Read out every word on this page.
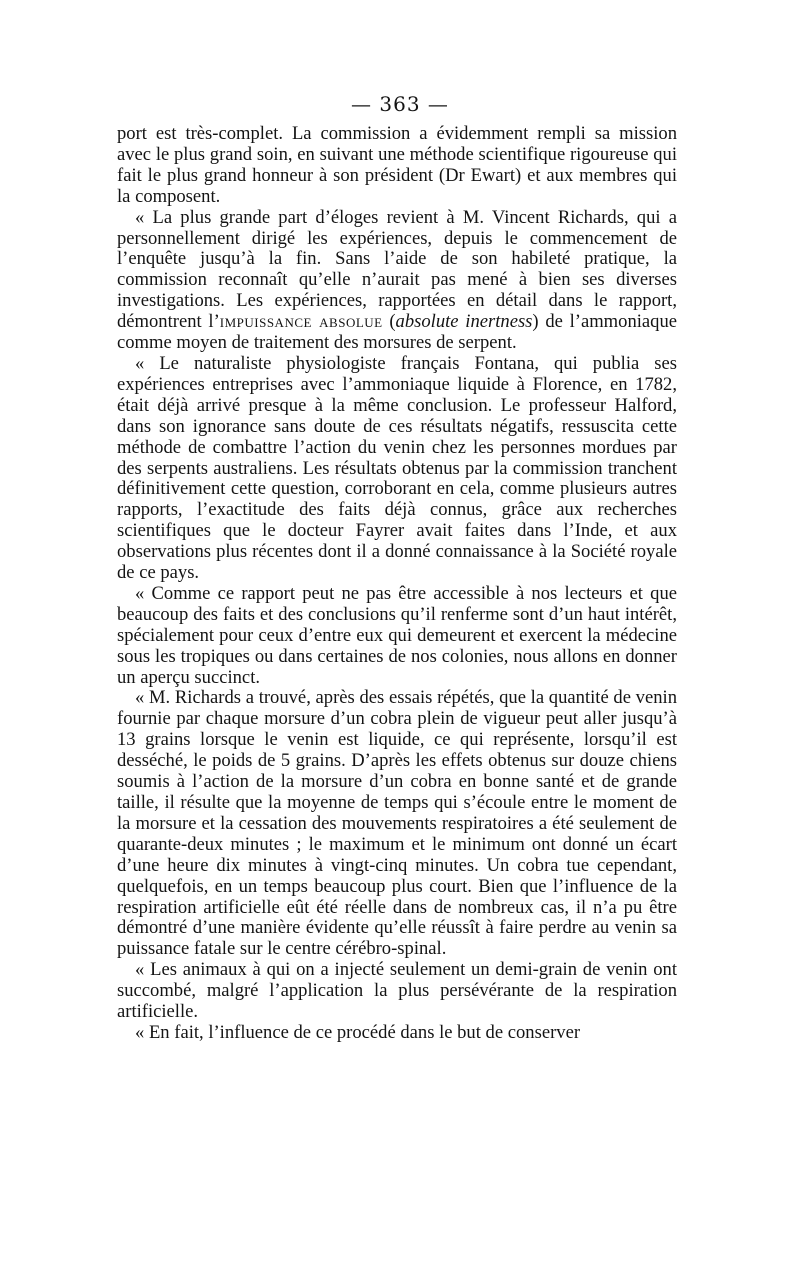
— 363 —

port est très-complet. La commission a évidemment rempli sa mission avec le plus grand soin, en suivant une méthode scientifique rigoureuse qui fait le plus grand honneur à son président (Dr Ewart) et aux membres qui la composent.

« La plus grande part d’éloges revient à M. Vincent Richards, qui a personnellement dirigé les expériences, depuis le commencement de l’enquête jusqu’à la fin. Sans l’aide de son habileté pratique, la commission reconnaît qu’elle n’aurait pas mené à bien ses diverses investigations. Les expériences, rapportées en détail dans le rapport, démontrent l’impuissance absolue (absolute inertness) de l’ammoniaque comme moyen de traitement des morsures de serpent.

« Le naturaliste physiologiste français Fontana, qui publia ses expériences entreprises avec l’ammoniaque liquide à Florence, en 1782, était déjà arrivé presque à la même conclusion. Le professeur Halford, dans son ignorance sans doute de ces résultats négatifs, ressuscita cette méthode de combattre l’action du venin chez les personnes mordues par des serpents australiens. Les résultats obtenus par la commission tranchent définitivement cette question, corroborant en cela, comme plusieurs autres rapports, l’exactitude des faits déjà connus, grâce aux recherches scientifiques que le docteur Fayrer avait faites dans l’Inde, et aux observations plus récentes dont il a donné connaissance à la Société royale de ce pays.

« Comme ce rapport peut ne pas être accessible à nos lecteurs et que beaucoup des faits et des conclusions qu’il renferme sont d’un haut intérêt, spécialement pour ceux d’entre eux qui demeurent et exercent la médecine sous les tropiques ou dans certaines de nos colonies, nous allons en donner un aperçu succinct.

« M. Richards a trouvé, après des essais répétés, que la quantité de venin fournie par chaque morsure d’un cobra plein de vigueur peut aller jusqu’à 13 grains lorsque le venin est liquide, ce qui représente, lorsqu’il est desséché, le poids de 5 grains. D’après les effets obtenus sur douze chiens soumis à l’action de la morsure d’un cobra en bonne santé et de grande taille, il résulte que la moyenne de temps qui s’écoule entre le moment de la morsure et la cessation des mouvements respiratoires a été seulement de quarante-deux minutes ; le maximum et le minimum ont donné un écart d’une heure dix minutes à vingt-cinq minutes. Un cobra tue cependant, quelquefois, en un temps beaucoup plus court. Bien que l’influence de la respiration artificielle eût été réelle dans de nombreux cas, il n’a pu être démontré d’une manière évidente qu’elle réussît à faire perdre au venin sa puissance fatale sur le centre cérébro-spinal.

« Les animaux à qui on a injecté seulement un demi-grain de venin ont succombé, malgré l’application la plus persévérante de la respiration artificielle.

« En fait, l’influence de ce procédé dans le but de conserver
